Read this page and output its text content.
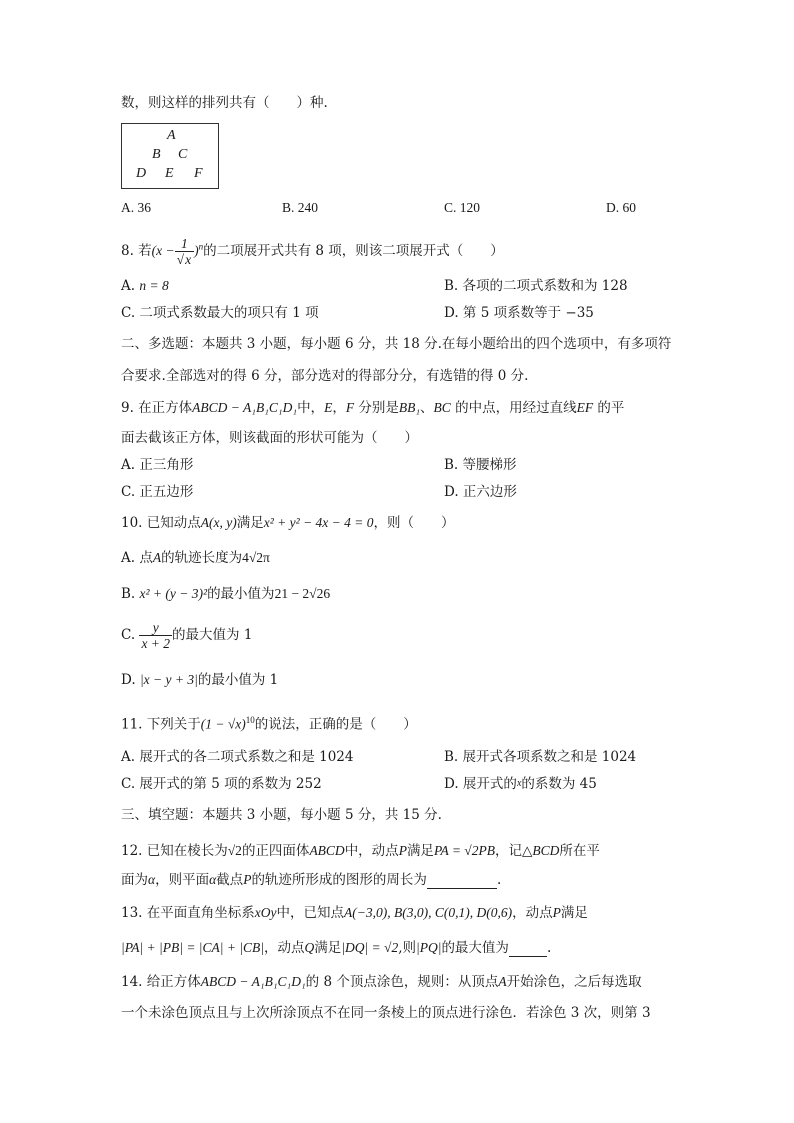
数，则这样的排列共有（　　）种.
A
B C
D E F
A. 36	B. 240	C. 120	D. 60
8. 若$(x - \frac{1}{√x} )^n$的二项展开式共有 8 项，则该二项展开式（　　）
A. n = 8	B. 各项的二项式系数和为 128
C. 二项式系数最大的项只有 1 项	D. 第 5 项系数等于 −35
二、多选题：本题共 3 小题，每小题 6 分，共 18 分.在每小题给出的四个选项中，有多项符
合要求.全部选对的得 6 分，部分选对的得部分分，有选错的得 0 分.
9. 在正方体ABCD − A₁B₁C₁D₁中，E，F 分别是BB₁、BC 的中点，用经过直线EF 的平
面去截该正方体，则该截面的形状可能为（　　）
A. 正三角形	B. 等腰梯形
C. 正五边形	D. 正六边形
10. 已知动点A(x, y)满足x² + y² − 4x − 4 = 0，则（　　）
A. 点A的轨迹长度为4√2π
B. x² + (y − 3)²的最小值为21 − 2√26
C. $\frac{y}{x + 2}$ 的最大值为 1
D. |x − y + 3|的最小值为 1
11. 下列关于$(1 - √x)^{10}$的说法，正确的是（　　）
A. 展开式的各二项式系数之和是 1024	B. 展开式各项系数之和是 1024
C. 展开式的第 5 项的系数为 252	D. 展开式的$^x$的系数为 45
三、填空题：本题共 3 小题，每小题 5 分，共 15 分.
12. 已知在棱长为√2的正四面体ABCD中，动点P满足PA = √2PB，记△BCD所在平
面为α，则平面α截点P的轨迹所形成的图形的周长为	.
13. 在平面直角坐标系xOy中，已知点A(−3,0), B(3,0), C(0,1), D(0,6)，动点P满足
|PA| + |PB| = |CA| + |CB|，动点Q满足|DQ| = √2,则|PQ|的最大值为	.
14. 给正方体ABCD − A₁B₁C₁D₁的 8 个顶点涂色，规则：从顶点A开始涂色，之后每选取
一个未涂色顶点且与上次所涂顶点不在同一条棱上的顶点进行涂色．若涂色 3 次，则第 3
